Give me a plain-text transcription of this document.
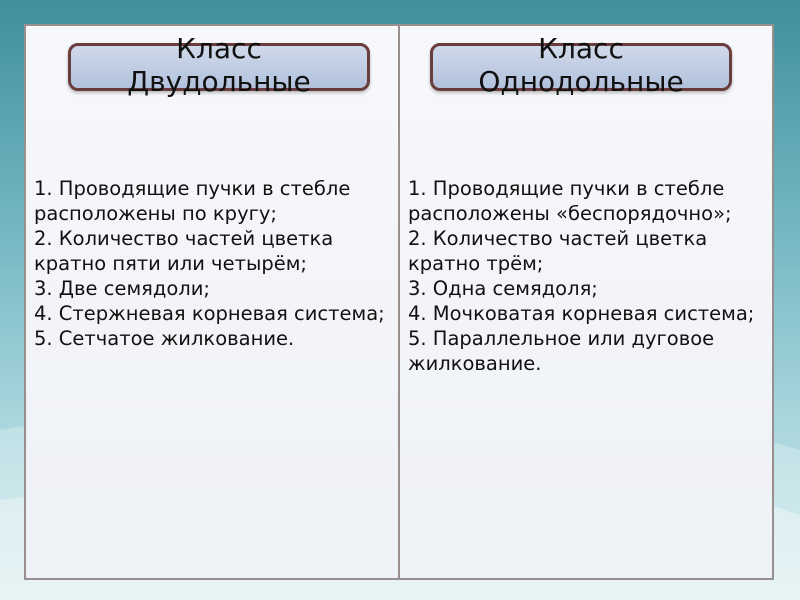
Класс
Двудольные
1. Проводящие пучки в стебле расположены по кругу;
2. Количество частей цветка кратно пяти или четырём;
3. Две семядоли;
4. Стержневая корневая система;
5. Сетчатое жилкование.
Класс
Однодольные
1. Проводящие пучки в стебле расположены «беспорядочно»;
2. Количество частей цветка кратно трём;
3. Одна семядоля;
4. Мочковатая корневая система;
5. Параллельное или дуговое жилкование.
